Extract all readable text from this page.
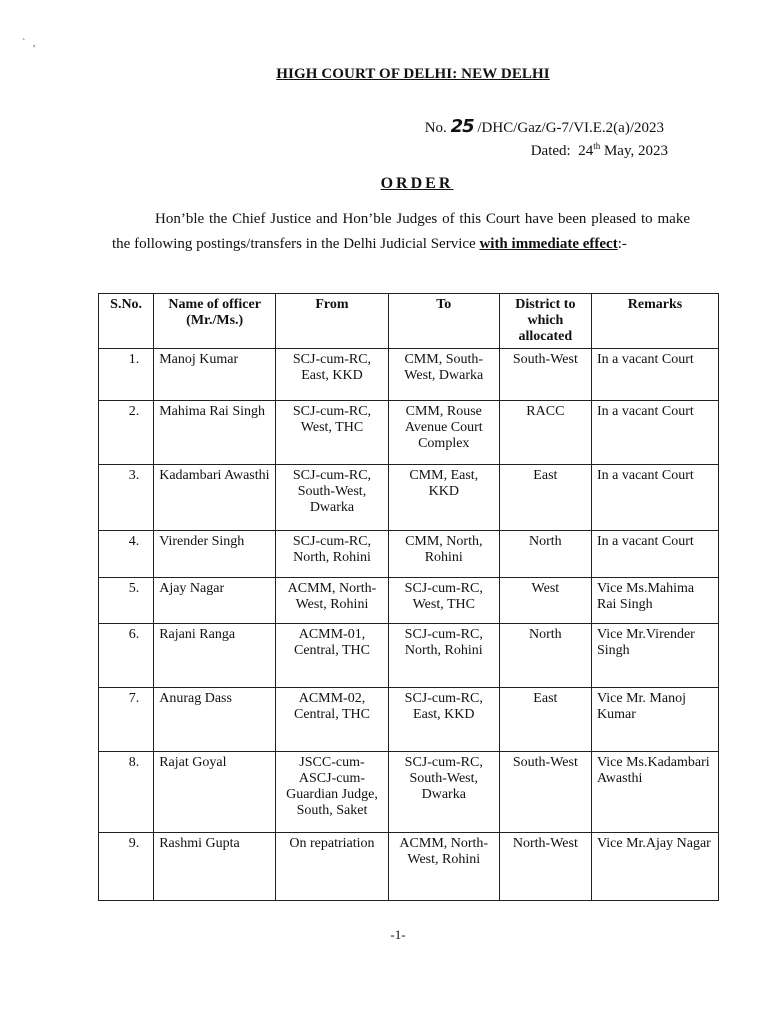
`   ,
HIGH COURT OF DELHI: NEW DELHI
No. 25 /DHC/Gaz/G-7/VI.E.2(a)/2023
Dated: 24th May, 2023
ORDER
Hon’ble the Chief Justice and Hon’ble Judges of this Court have been pleased to make the following postings/transfers in the Delhi Judicial Service with immediate effect:-
S.No.	Name of officer (Mr./Ms.)	From	To	District to which allocated	Remarks
1.	Manoj Kumar	SCJ-cum-RC, East, KKD	CMM, South-West, Dwarka	South-West	In a vacant Court
2.	Mahima Rai Singh	SCJ-cum-RC, West, THC	CMM, Rouse Avenue Court Complex	RACC	In a vacant Court
3.	Kadambari Awasthi	SCJ-cum-RC, South-West, Dwarka	CMM, East, KKD	East	In a vacant Court
4.	Virender Singh	SCJ-cum-RC, North, Rohini	CMM, North, Rohini	North	In a vacant Court
5.	Ajay Nagar	ACMM, North-West, Rohini	SCJ-cum-RC, West, THC	West	Vice Ms.Mahima Rai Singh
6.	Rajani Ranga	ACMM-01, Central, THC	SCJ-cum-RC, North, Rohini	North	Vice Mr.Virender Singh
7.	Anurag Dass	ACMM-02, Central, THC	SCJ-cum-RC, East, KKD	East	Vice Mr. Manoj Kumar
8.	Rajat Goyal	JSCC-cum-ASCJ-cum-Guardian Judge, South, Saket	SCJ-cum-RC, South-West, Dwarka	South-West	Vice Ms.Kadambari Awasthi
9.	Rashmi Gupta	On repatriation	ACMM, North-West, Rohini	North-West	Vice Mr.Ajay Nagar
-1-
